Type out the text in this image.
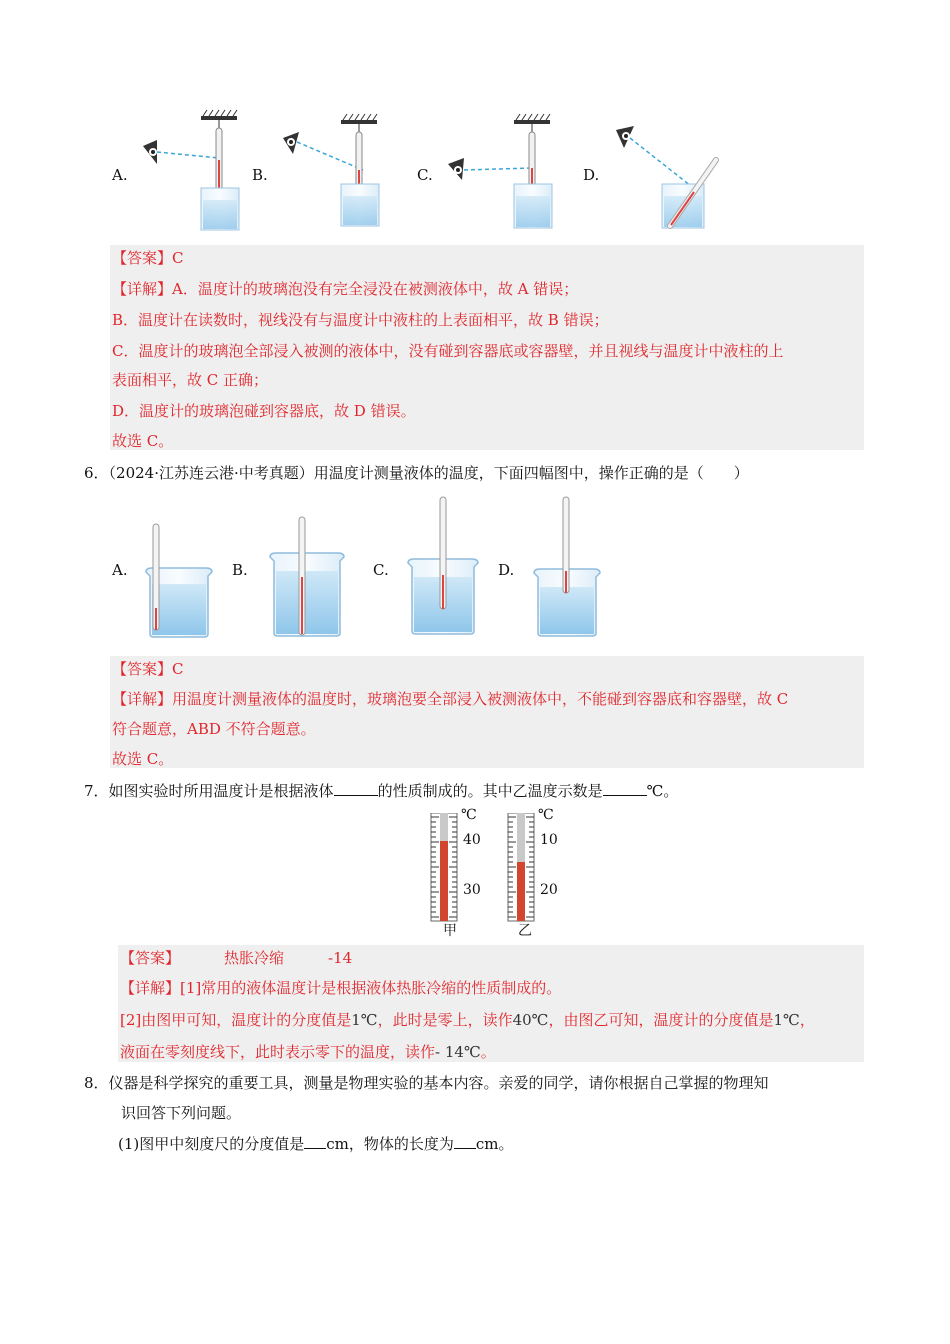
A.	B.	C.	D.
【答案】C
【详解】A．温度计的玻璃泡没有完全浸没在被测液体中，故 A 错误；
B．温度计在读数时，视线没有与温度计中液柱的上表面相平，故 B 错误；
C．温度计的玻璃泡全部浸入被测的液体中，没有碰到容器底或容器壁，并且视线与温度计中液柱的上
表面相平，故 C 正确；
D．温度计的玻璃泡碰到容器底，故 D 错误。
故选 C。
6．（2024·江苏连云港·中考真题）用温度计测量液体的温度，下面四幅图中，操作正确的是（　　）
A.	B.	C.	D.
【答案】C
【详解】用温度计测量液体的温度时，玻璃泡要全部浸入被测液体中，不能碰到容器底和容器壁，故 C
符合题意，ABD 不符合题意。
故选 C。
7．如图实验时所用温度计是根据液体	的性质制成的。其中乙温度示数是	℃。
℃
40
30
甲
℃
10
20
乙
【答案】	热胀冷缩	-14
【详解】[1]常用的液体温度计是根据液体热胀冷缩的性质制成的。
[2]由图甲可知，温度计的分度值是1℃，此时是零上，读作40℃，由图乙可知，温度计的分度值是1℃，
液面在零刻度线下，此时表示零下的温度，读作- 14℃。
8．仪器是科学探究的重要工具，测量是物理实验的基本内容。亲爱的同学，请你根据自己掌握的物理知
识回答下列问题。
(1)图甲中刻度尺的分度值是 cm，物体的长度为 cm。
